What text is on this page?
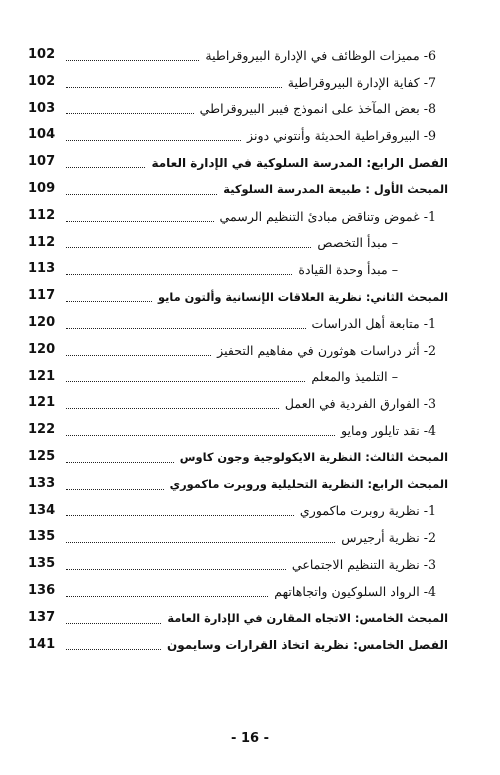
6- مميزات الوظائف في الإدارة البيروقراطية
102
7- كفاية الإدارة البيروقراطية
102
8- بعض المآخذ على انموذج فيبر البيروقراطي
103
9- البيروقراطية الحديثة وأنتوني دونز
104
الفصل الرابع: المدرسة السلوكية في الإدارة العامة
107
المبحث الأول : طبيعة المدرسة السلوكية
109
1- غموض وتناقض مبادئ التنظيم الرسمي
112
– مبدأ التخصص
112
– مبدأ وحدة القيادة
113
المبحث الثاني: نظرية العلاقات الإنسانية وألتون مايو
117
1- متابعة أهل الدراسات
120
2- أثر دراسات هوثورن في مفاهيم التحفيز
120
– التلميذ والمعلم
121
3- الفوارق الفردية في العمل
121
4- نقد تايلور ومايو
122
المبحث الثالث: النظرية الايكولوجية وجون كاوس
125
المبحث الرابع: النظرية التحليلية وروبرت ماكموري
133
1- نظرية روبرت ماكموري
134
2- نظرية أرجيرس
135
3- نظرية التنظيم الاجتماعي
135
4- الرواد السلوكيون واتجاهاتهم
136
المبحث الخامس: الاتجاه المقارن في الإدارة العامة
137
الفصل الخامس: نظرية اتخاذ القرارات وسايمون
141
- 16 -
